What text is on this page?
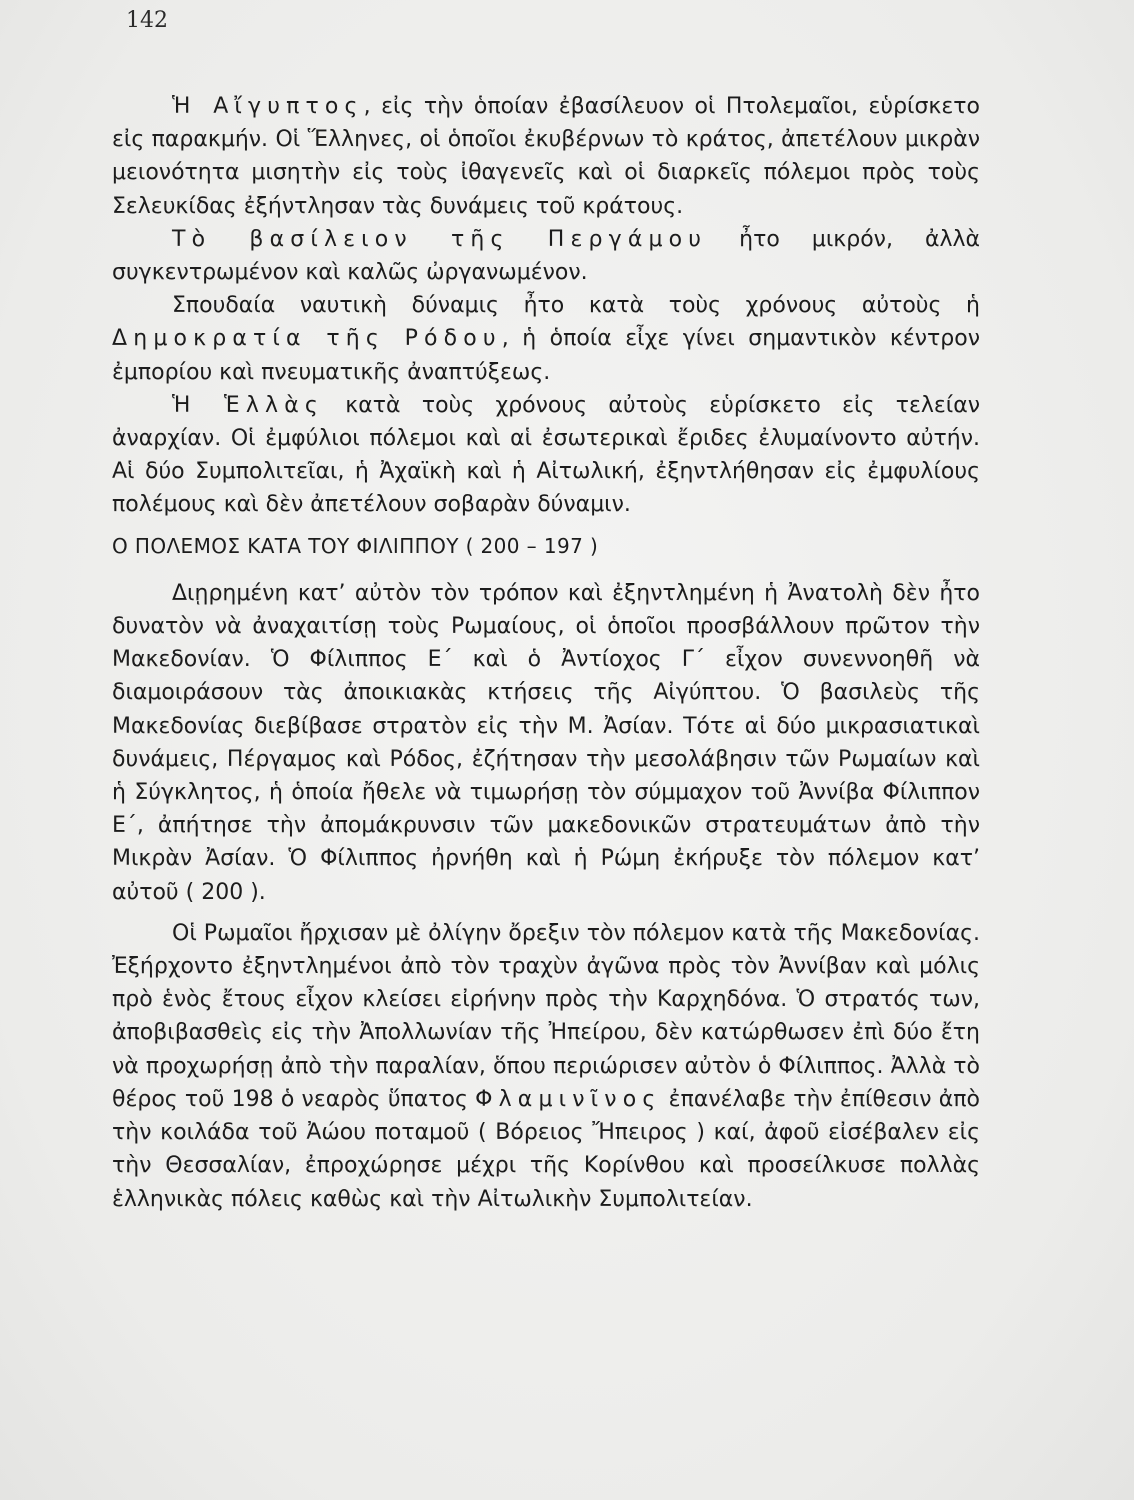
142

Ἡ Αἴγυπτος, εἰς τὴν ὁποίαν ἐβασίλευον οἱ Πτολεμαῖοι, εὑρίσκετο εἰς παρακμήν. Οἱ Ἕλληνες, οἱ ὁποῖοι ἐκυβέρνων τὸ κράτος, ἀπετέλουν μικρὰν μειονότητα μισητὴν εἰς τοὺς ἰθαγενεῖς καὶ οἱ διαρκεῖς πόλεμοι πρὸς τοὺς Σελευκίδας ἐξήντλησαν τὰς δυνάμεις τοῦ κράτους.

Τὸ βασίλειον τῆς Περγάμου ἦτο μικρόν, ἀλλὰ συγκεντρωμένον καὶ καλῶς ὠργανωμένον.

Σπουδαία ναυτικὴ δύναμις ἦτο κατὰ τοὺς χρόνους αὐτοὺς ἡ Δημοκρατία τῆς Ρόδου, ἡ ὁποία εἶχε γίνει σημαντικὸν κέντρον ἐμπορίου καὶ πνευματικῆς ἀναπτύξεως.

Ἡ Ἑλλὰς κατὰ τοὺς χρόνους αὐτοὺς εὑρίσκετο εἰς τελείαν ἀναρχίαν. Οἱ ἐμφύλιοι πόλεμοι καὶ αἱ ἐσωτερικαὶ ἔριδες ἐλυμαίνοντο αὐτήν. Αἱ δύο Συμπολιτεῖαι, ἡ Ἀχαϊκὴ καὶ ἡ Αἰτωλική, ἐξηντλήθησαν εἰς ἐμφυλίους πολέμους καὶ δὲν ἀπετέλουν σοβαρὰν δύναμιν.

Ο ΠΟΛΕΜΟΣ ΚΑΤΑ ΤΟΥ ΦΙΛΙΠΠΟΥ ( 200 – 197 )

Διῃρημένη κατ’ αὐτὸν τὸν τρόπον καὶ ἐξηντλημένη ἡ Ἀνατολὴ δὲν ἦτο δυνατὸν νὰ ἀναχαιτίσῃ τοὺς Ρωμαίους, οἱ ὁποῖοι προσβάλλουν πρῶτον τὴν Μακεδονίαν. Ὁ Φίλιππος Ε΄ καὶ ὁ Ἀντίοχος Γ΄ εἶχον συνεννοηθῆ νὰ διαμοιράσουν τὰς ἀποικιακὰς κτήσεις τῆς Αἰγύπτου. Ὁ βασιλεὺς τῆς Μακεδονίας διεβίβασε στρατὸν εἰς τὴν Μ. Ἀσίαν. Τότε αἱ δύο μικρασιατικαὶ δυνάμεις, Πέργαμος καὶ Ρόδος, ἐζήτησαν τὴν μεσολάβησιν τῶν Ρωμαίων καὶ ἡ Σύγκλητος, ἡ ὁποία ἤθελε νὰ τιμωρήσῃ τὸν σύμμαχον τοῦ Ἀννίβα Φίλιππον Ε΄, ἀπήτησε τὴν ἀπομάκρυνσιν τῶν μακεδονικῶν στρατευμάτων ἀπὸ τὴν Μικρὰν Ἀσίαν. Ὁ Φίλιππος ἠρνήθη καὶ ἡ Ρώμη ἐκήρυξε τὸν πόλεμον κατ’ αὐτοῦ ( 200 ).

Οἱ Ρωμαῖοι ἤρχισαν μὲ ὀλίγην ὄρεξιν τὸν πόλεμον κατὰ τῆς Μακεδονίας. Ἐξήρχοντο ἐξηντλημένοι ἀπὸ τὸν τραχὺν ἀγῶνα πρὸς τὸν Ἀννίβαν καὶ μόλις πρὸ ἑνὸς ἔτους εἶχον κλείσει εἰρήνην πρὸς τὴν Καρχηδόνα. Ὁ στρατός των, ἀποβιβασθεὶς εἰς τὴν Ἀπολλωνίαν τῆς Ἠπείρου, δὲν κατώρθωσεν ἐπὶ δύο ἔτη νὰ προχωρήσῃ ἀπὸ τὴν παραλίαν, ὅπου περιώρισεν αὐτὸν ὁ Φίλιππος. Ἀλλὰ τὸ θέρος τοῦ 198 ὁ νεαρὸς ὕπατος Φλαμινῖνος ἐπανέλαβε τὴν ἐπίθεσιν ἀπὸ τὴν κοιλάδα τοῦ Ἀώου ποταμοῦ ( Βόρειος Ἤπειρος ) καί, ἀφοῦ εἰσέβαλεν εἰς τὴν Θεσσαλίαν, ἐπροχώρησε μέχρι τῆς Κορίνθου καὶ προσείλκυσε πολλὰς ἑλληνικὰς πόλεις καθὼς καὶ τὴν Αἰτωλικὴν Συμπολιτείαν.
